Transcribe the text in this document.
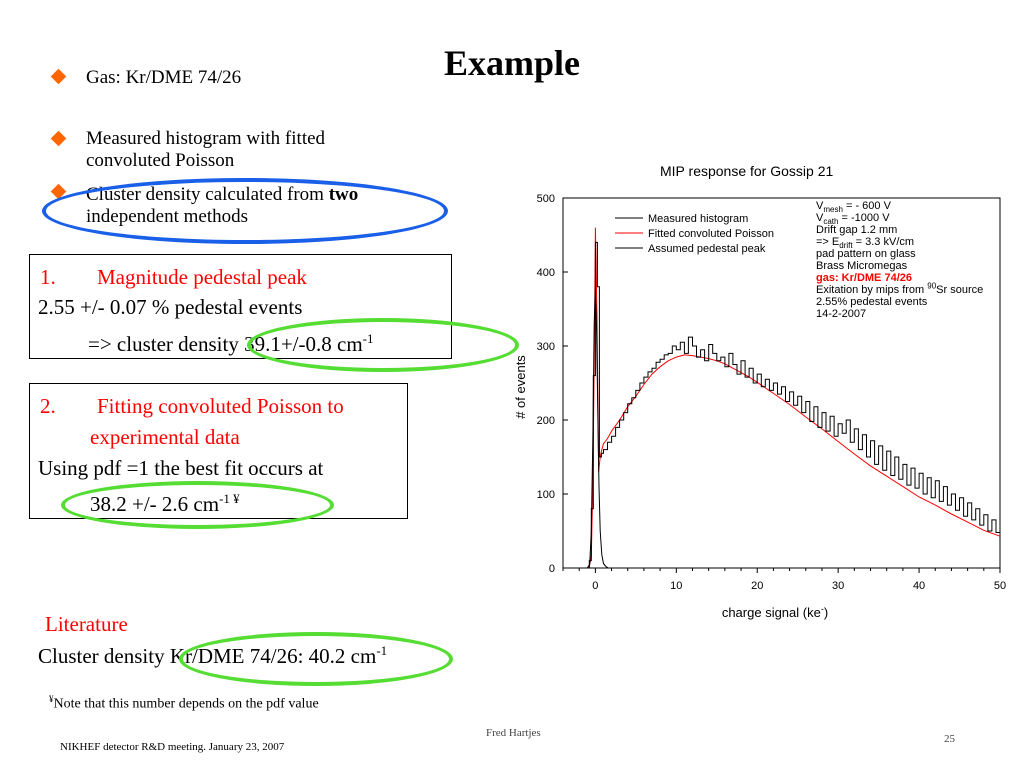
Example
Gas: Kr/DME 74/26
Measured histogram with fitted
convoluted Poisson
Cluster density calculated from two
independent methods
1. Magnitude pedestal peak
2.55 +/- 0.07 % pedestal events
=> cluster density 39.1+/-0.8 $cm^{-1}$
2. Fitting convoluted Poisson to
experimental data
Using pdf =1 the best fit occurs at
38.2 +/- 2.6 $cm^{-1 ¥}$
Literature
Cluster density Kr/DME 74/26: 40.2 $cm^{-1}$
¥Note that this number depends on the pdf value
Fred Hartjes
NIKHEF detector R&D meeting. January 23, 2007
25
MIP response for Gossip 21
0
100
200
300
400
500
0	10	20	30	40	50
Measured histogram
Fitted convoluted Poisson
Assumed pedestal peak
# of events
charge signal (ke-)
$V_{mesh}$ = - 600 V
$V_{cath} = -1000$ V
Drift gap 1.2 mm
=> $E_{drift} = 3.3$ kV/cm
pad pattern on glass
Brass Micromegas
gas: Kr/DME 74/26
Exitation by mips from $^{90}$Sr source
2.55% pedestal events
14-2-2007
